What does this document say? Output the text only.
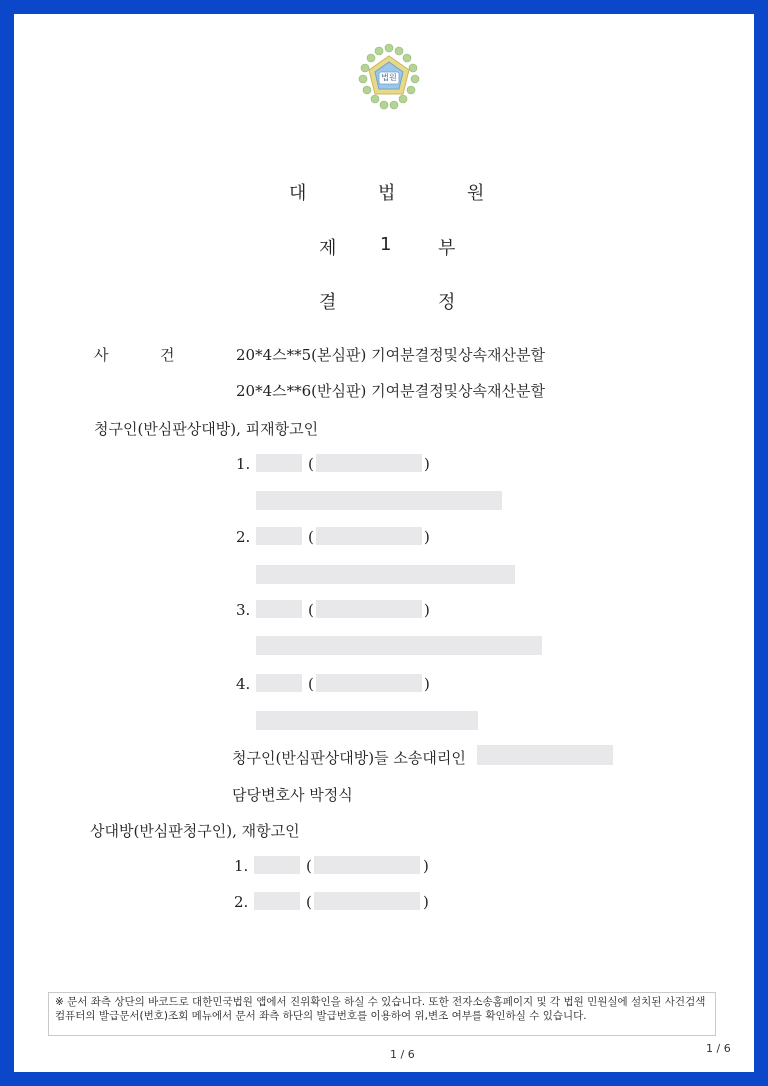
법원
대	법	원
제 1	부
결	정
사	건	20*4스**5(본심판) 기여분결정및상속재산분할
20*4스**6(반심판) 기여분결정및상속재산분할
청구인(반심판상대방), 피재항고인
1.	(	)
2.	(	)
3.	(	)
4.	(	)
청구인(반심판상대방)들 소송대리인
담당변호사 박정식
상대방(반심판청구인), 재항고인
1.	(	)
2.	(	)
※ 문서 좌측 상단의 바코드로 대한민국법원 앱에서 진위확인을 하실 수 있습니다. 또한 전자소송홈페이지 및 각 법원 민원실에 설치된 사건검색 컴퓨터의 발급문서(번호)조회 메뉴에서 문서 좌측 하단의 발급번호를 이용하여 위,변조 여부를 확인하실 수 있습니다.
1 / 6	1 / 6
